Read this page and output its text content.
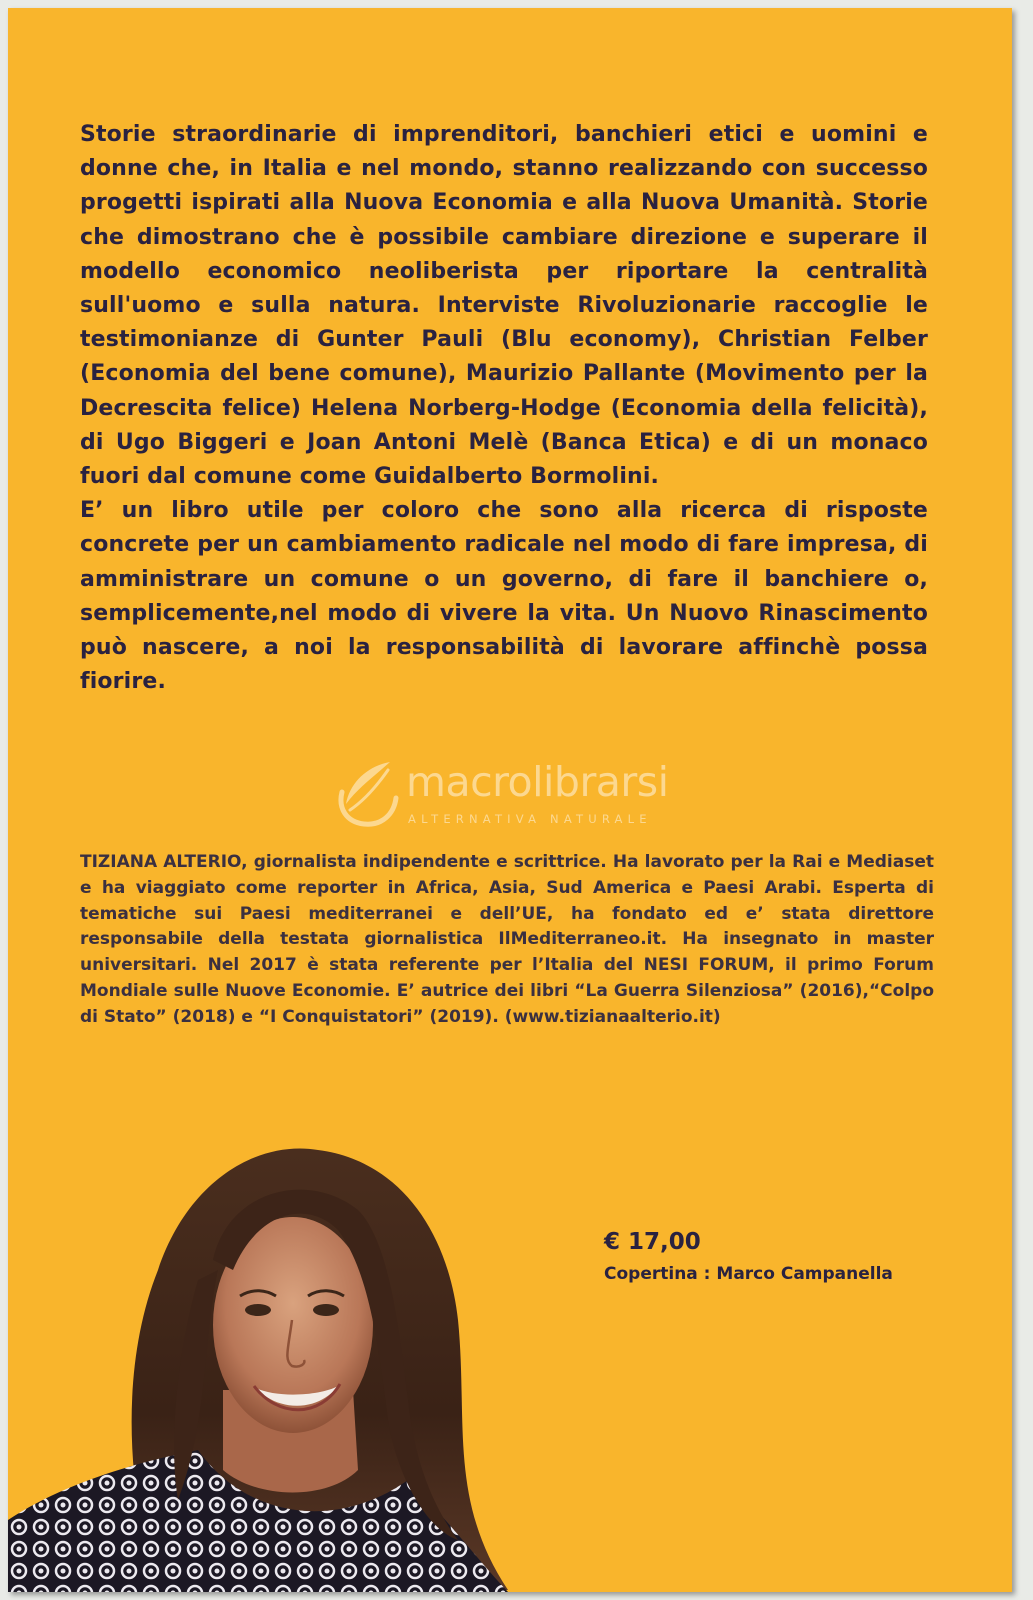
Storie straordinarie di imprenditori, banchieri etici e uomini e donne che, in Italia e nel mondo, stanno realizzando con successo progetti ispirati alla Nuova Economia e alla Nuova Umanità. Storie che dimostrano che è possibile cambiare direzione e superare il modello economico neoliberista per riportare la centralità sull'uomo e sulla natura. Interviste Rivoluzionarie raccoglie le testimonianze di Gunter Pauli (Blu economy), Christian Felber (Economia del bene comune), Maurizio Pallante (Movimento per la Decrescita felice) Helena Norberg-Hodge (Economia della felicità), di Ugo Biggeri e Joan Antoni Melè (Banca Etica) e di un monaco fuori dal comune come Guidalberto Bormolini.

E’ un libro utile per coloro che sono alla ricerca di risposte concrete per un cambiamento radicale nel modo di fare impresa, di amministrare un comune o un governo, di fare il banchiere o, semplicemente,nel modo di vivere la vita. Un Nuovo Rinascimento può nascere, a noi la responsabilità di lavorare affinchè possa fiorire.

macrolibrarsi
ALTERNATIVA NATURALE

TIZIANA ALTERIO, giornalista indipendente e scrittrice. Ha lavorato per la Rai e Mediaset e ha viaggiato come reporter in Africa, Asia, Sud America e Paesi Arabi. Esperta di tematiche sui Paesi mediterranei e dell’UE, ha fondato ed e’ stata direttore responsabile della testata giornalistica IlMediterraneo.it. Ha insegnato in master universitari. Nel 2017 è stata referente per l’Italia del NESI FORUM, il primo Forum Mondiale sulle Nuove Economie. E’ autrice dei libri “La Guerra Silenziosa” (2016),“Colpo di Stato” (2018) e “I Conquistatori” (2019). (www.tizianaalterio.it)

€ 17,00
Copertina : Marco Campanella
